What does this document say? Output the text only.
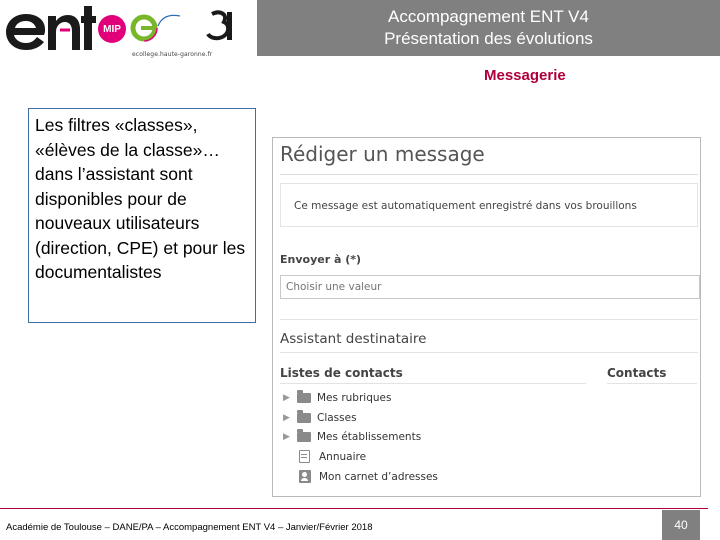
MIP
ecollege.haute-garonne.fr
Accompagnement ENT V4
Présentation des évolutions
Messagerie
Les filtres «classes», «élèves de la classe»… dans l’assistant sont disponibles pour de nouveaux utilisateurs (direction, CPE) et pour les documentalistes
Rédiger un message
Ce message est automatiquement enregistré dans vos brouillons
Envoyer à (*)
Choisir une valeur
Assistant destinataire
Listes de contacts	Contacts
▶	Mes rubriques
▶	Classes
▶	Mes établissements
Annuaire
Mon carnet d’adresses
Académie de Toulouse – DANE/PA – Accompagnement ENT V4 – Janvier/Février 2018	40
